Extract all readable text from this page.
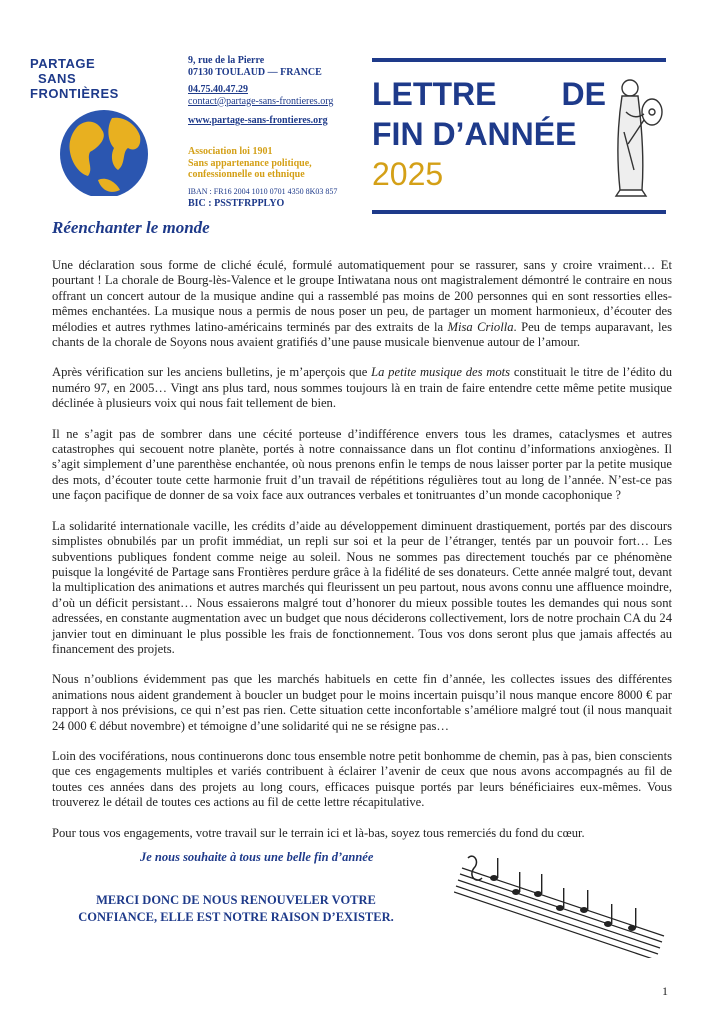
PARTAGE
SANS
FRONTIÈRES
9, rue de la Pierre
07130 TOULAUD — FRANCE
04.75.40.47.29
contact@partage-sans-frontieres.org
www.partage-sans-frontieres.org
Association loi 1901
Sans appartenance politique,
confessionnelle ou ethnique
IBAN : FR16 2004 1010 0701 4350 8K03 857
BIC : PSSTFRPPLYO
LETTRE DE
FIN D’ANNÉE
2025
Réenchanter le monde

Une déclaration sous forme de cliché éculé, formulé automatiquement pour se rassurer, sans y croire vraiment… Et pourtant ! La chorale de Bourg-lès-Valence et le groupe Intiwatana nous ont magistralement démontré le contraire en nous offrant un concert autour de la musique andine qui a rassemblé pas moins de 200 personnes qui en sont ressorties elles-mêmes enchantées. La musique nous a permis de nous poser un peu, de partager un moment harmonieux, d’écouter des mélodies et autres rythmes latino-américains terminés par des extraits de la Misa Criolla. Peu de temps auparavant, les chants de la chorale de Soyons nous avaient gratifiés d’une pause musicale bienvenue autour de l’amour.

Après vérification sur les anciens bulletins, je m’aperçois que La petite musique des mots constituait le titre de l’édito du numéro 97, en 2005… Vingt ans plus tard, nous sommes toujours là en train de faire entendre cette même petite musique déclinée à plusieurs voix qui nous fait tellement de bien.

Il ne s’agit pas de sombrer dans une cécité porteuse d’indifférence envers tous les drames, cataclysmes et autres catastrophes qui secouent notre planète, portés à notre connaissance dans un flot continu d’informations anxiogènes. Il s’agit simplement d’une parenthèse enchantée, où nous prenons enfin le temps de nous laisser porter par la petite musique des mots, d’écouter toute cette harmonie fruit d’un travail de répétitions régulières tout au long de l’année. N’est-ce pas une façon pacifique de donner de sa voix face aux outrances verbales et tonitruantes d’un monde cacophonique ?

La solidarité internationale vacille, les crédits d’aide au développement diminuent drastiquement, portés par des discours simplistes obnubilés par un profit immédiat, un repli sur soi et la peur de l’étranger, tentés par un pouvoir fort… Les subventions publiques fondent comme neige au soleil. Nous ne sommes pas directement touchés par ce phénomène puisque la longévité de Partage sans Frontières perdure grâce à la fidélité de ses donateurs. Cette année malgré tout, devant la multiplication des animations et autres marchés qui fleurissent un peu partout, nous avons connu une affluence moindre, d’où un déficit persistant… Nous essaierons malgré tout d’honorer du mieux possible toutes les demandes qui nous sont adressées, en constante augmentation avec un budget que nous déciderons collectivement, lors de notre prochain CA du 24 janvier tout en diminuant le plus possible les frais de fonctionnement. Tous vos dons seront plus que jamais affectés au financement des projets.

Nous n’oublions évidemment pas que les marchés habituels en cette fin d’année, les collectes issues des différentes animations nous aident grandement à boucler un budget pour le moins incertain puisqu’il nous manque encore 8000 € par rapport à nos prévisions, ce qui n’est pas rien. Cette situation cette inconfortable s’améliore malgré tout (il nous manquait 24 000 € début novembre) et témoigne d’une solidarité qui ne se résigne pas…

Loin des vociférations, nous continuerons donc tous ensemble notre petit bonhomme de chemin, pas à pas, bien conscients que ces engagements multiples et variés contribuent à éclairer l’avenir de ceux que nous avons accompagnés au fil de toutes ces années dans des projets au long cours, efficaces puisque portés par leurs bénéficiaires eux-mêmes. Vous trouverez le détail de toutes ces actions au fil de cette lettre récapitulative.

Pour tous vos engagements, votre travail sur le terrain ici et là-bas, soyez tous remerciés du fond du cœur.

Je nous souhaite à tous une belle fin d’année
MERCI DONC DE NOUS RENOUVELER VOTRE
CONFIANCE, ELLE EST NOTRE RAISON D’EXISTER.
1
